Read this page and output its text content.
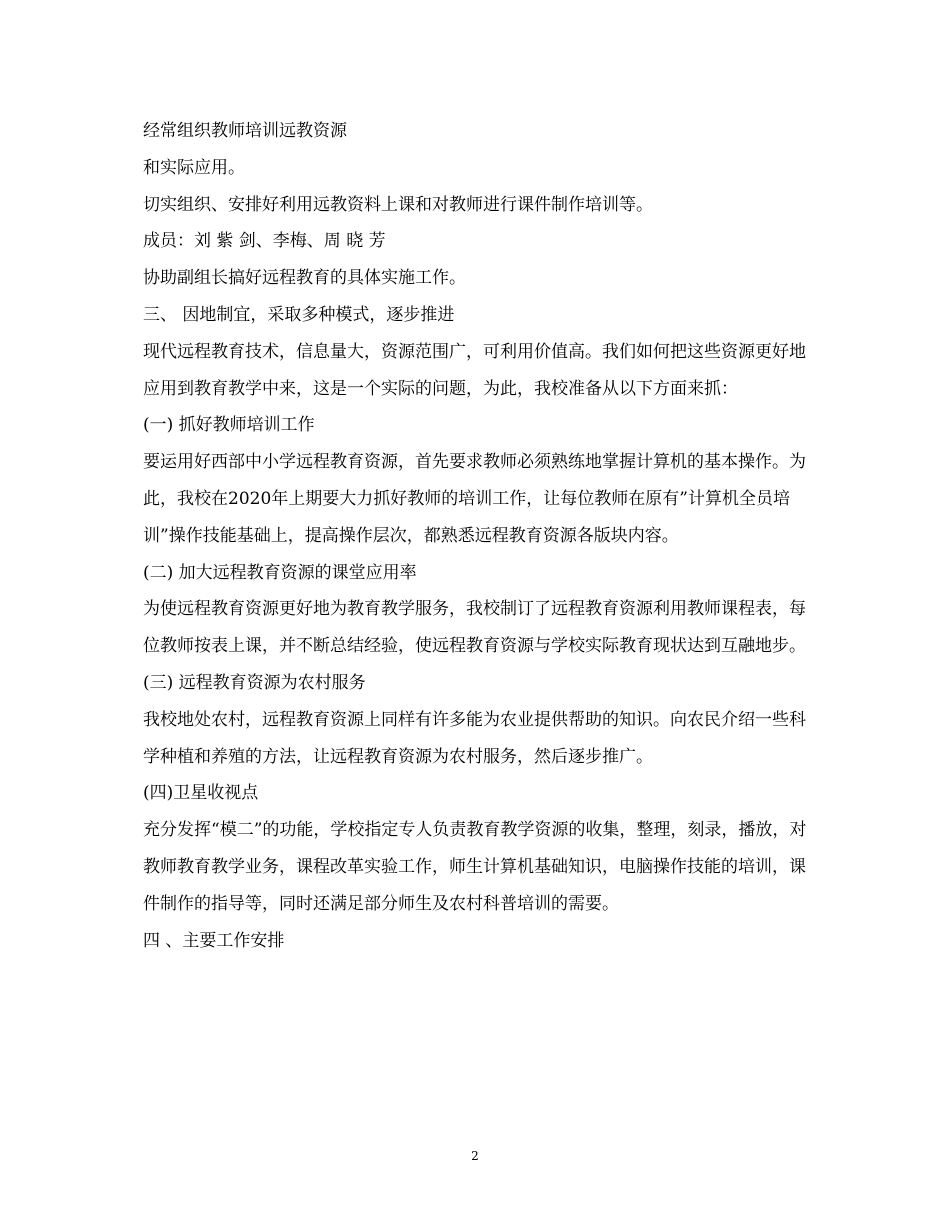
经常组织教师培训远教资源

和实际应用。

切实组织、安排好利用远教资料上课和对教师进行课件制作培训等。

成员：刘 紫 剑、李梅、周 晓 芳

协助副组长搞好远程教育的具体实施工作。

三、 因地制宜，采取多种模式，逐步推进

现代远程教育技术，信息量大，资源范围广，可利用价值高。我们如何把这些资源更好地应用到教育教学中来，这是一个实际的问题，为此，我校准备从以下方面来抓：

(一) 抓好教师培训工作

要运用好西部中小学远程教育资源，首先要求教师必须熟练地掌握计算机的基本操作。为此，我校在2020年上期要大力抓好教师的培训工作，让每位教师在原有”计算机全员培训”操作技能基础上，提高操作层次，都熟悉远程教育资源各版块内容。

(二) 加大远程教育资源的课堂应用率

为使远程教育资源更好地为教育教学服务，我校制订了远程教育资源利用教师课程表，每位教师按表上课，并不断总结经验，使远程教育资源与学校实际教育现状达到互融地步。

(三) 远程教育资源为农村服务

我校地处农村，远程教育资源上同样有许多能为农业提供帮助的知识。向农民介绍一些科学种植和养殖的方法，让远程教育资源为农村服务，然后逐步推广。

(四)卫星收视点

充分发挥“模二”的功能，学校指定专人负责教育教学资源的收集，整理，刻录，播放，对教师教育教学业务，课程改革实验工作，师生计算机基础知识，电脑操作技能的培训，课件制作的指导等，同时还满足部分师生及农村科普培训的需要。

四 、主要工作安排

2
